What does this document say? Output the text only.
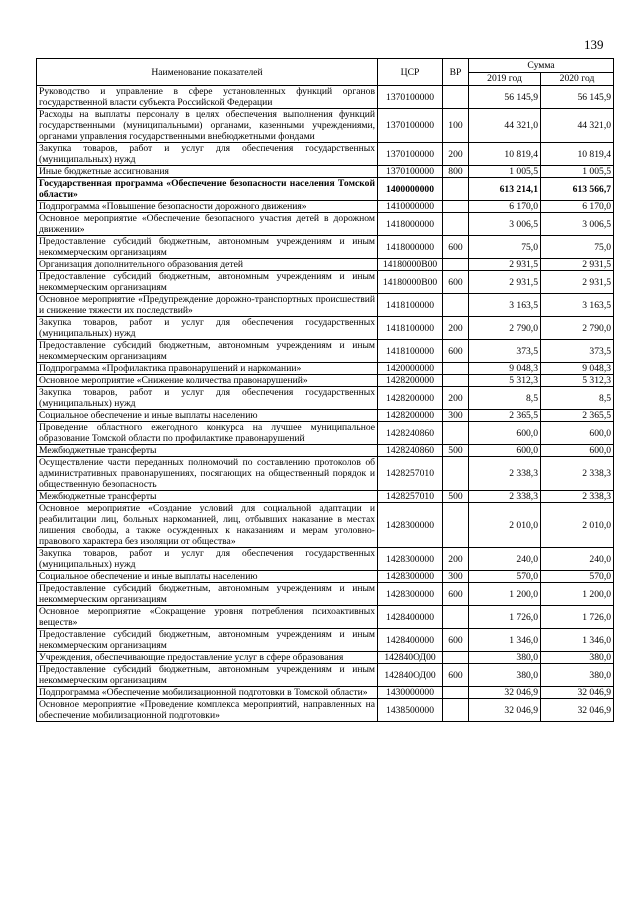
139
Наименование показателей	ЦСР	ВР	Сумма	
			2019 год	2020 год
Руководство и управление в сфере установленных функций органов государственной власти субъекта Российской Федерации	1370100000		56 145,9	56 145,9
Расходы на выплаты персоналу в целях обеспечения выполнения функций государственными (муниципальными) органами, казенными учреждениями, органами управления государственными внебюджетными фондами	1370100000	100	44 321,0	44 321,0
Закупка товаров, работ и услуг для обеспечения государственных (муниципальных) нужд	1370100000	200	10 819,4	10 819,4
Иные бюджетные ассигнования	1370100000	800	1 005,5	1 005,5
Государственная программа «Обеспечение безопасности населения Томской области»	1400000000		613 214,1	613 566,7
Подпрограмма «Повышение безопасности дорожного движения»	1410000000		6 170,0	6 170,0
Основное мероприятие «Обеспечение безопасного участия детей в дорожном движении»	1418000000		3 006,5	3 006,5
Предоставление субсидий бюджетным, автономным учреждениям и иным некоммерческим организациям	1418000000	600	75,0	75,0
Организация дополнительного образования детей	14180000В00		2 931,5	2 931,5
Предоставление субсидий бюджетным, автономным учреждениям и иным некоммерческим организациям	14180000В00	600	2 931,5	2 931,5
Основное мероприятие «Предупреждение дорожно-транспортных происшествий и снижение тяжести их последствий»	1418100000		3 163,5	3 163,5
Закупка товаров, работ и услуг для обеспечения государственных (муниципальных) нужд	1418100000	200	2 790,0	2 790,0
Предоставление субсидий бюджетным, автономным учреждениям и иным некоммерческим организациям	1418100000	600	373,5	373,5
Подпрограмма «Профилактика правонарушений и наркомании»	1420000000		9 048,3	9 048,3
Основное мероприятие «Снижение количества правонарушений»	1428200000		5 312,3	5 312,3
Закупка товаров, работ и услуг для обеспечения государственных (муниципальных) нужд	1428200000	200	8,5	8,5
Социальное обеспечение и иные выплаты населению	1428200000	300	2 365,5	2 365,5
Проведение областного ежегодного конкурса на лучшее муниципальное образование Томской области по профилактике правонарушений	1428240860		600,0	600,0
Межбюджетные трансферты	1428240860	500	600,0	600,0
Осуществление части переданных полномочий по составлению протоколов об административных правонарушениях, посягающих на общественный порядок и общественную безопасность	1428257010		2 338,3	2 338,3
Межбюджетные трансферты	1428257010	500	2 338,3	2 338,3
Основное мероприятие «Создание условий для социальной адаптации и реабилитации лиц, больных наркоманией, лиц, отбывших наказание в местах лишения свободы, а также осужденных к наказаниям и мерам уголовно-правового характера без изоляции от общества»	1428300000		2 010,0	2 010,0
Закупка товаров, работ и услуг для обеспечения государственных (муниципальных) нужд	1428300000	200	240,0	240,0
Социальное обеспечение и иные выплаты населению	1428300000	300	570,0	570,0
Предоставление субсидий бюджетным, автономным учреждениям и иным некоммерческим организациям	1428300000	600	1 200,0	1 200,0
Основное мероприятие «Сокращение уровня потребления психоактивных веществ»	1428400000		1 726,0	1 726,0
Предоставление субсидий бюджетным, автономным учреждениям и иным некоммерческим организациям	1428400000	600	1 346,0	1 346,0
Учреждения, обеспечивающие предоставление услуг в сфере образования	142840ОД00		380,0	380,0
Предоставление субсидий бюджетным, автономным учреждениям и иным некоммерческим организациям	142840ОД00	600	380,0	380,0
Подпрограмма «Обеспечение мобилизационной подготовки в Томской области»	1430000000		32 046,9	32 046,9
Основное мероприятие «Проведение комплекса мероприятий, направленных на обеспечение мобилизационной подготовки»	1438500000		32 046,9	32 046,9
